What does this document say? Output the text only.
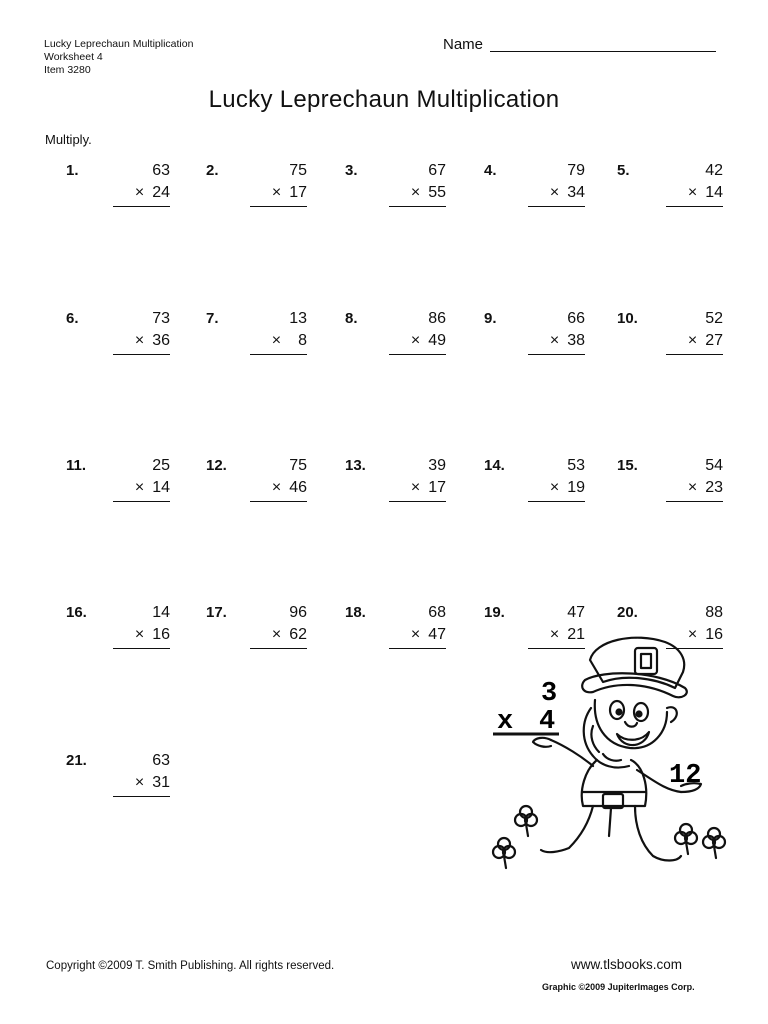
Lucky Leprechaun Multiplication
Worksheet 4
Item 3280
Name
Lucky Leprechaun Multiplication
Multiply.
1.	63
× 24
2.	75
× 17
3.	67
× 55
4.	79
× 34
5.	42
× 14
6.	73
× 36
7.	13
× 8
8.	86
× 49
9.	66
× 38
10.	52
× 27
11.	25
× 14
12.	75
× 46
13.	39
× 17
14.	53
× 19
15.	54
× 23
16.	14
× 16
17.	96
× 62
18.	68
× 47
19.	47
× 21
20.	88
× 16
21.	63
× 31
3
x 4
12
Copyright ©2009 T. Smith Publishing. All rights reserved.	www.tlsbooks.com
Graphic ©2009 JupiterImages Corp.
